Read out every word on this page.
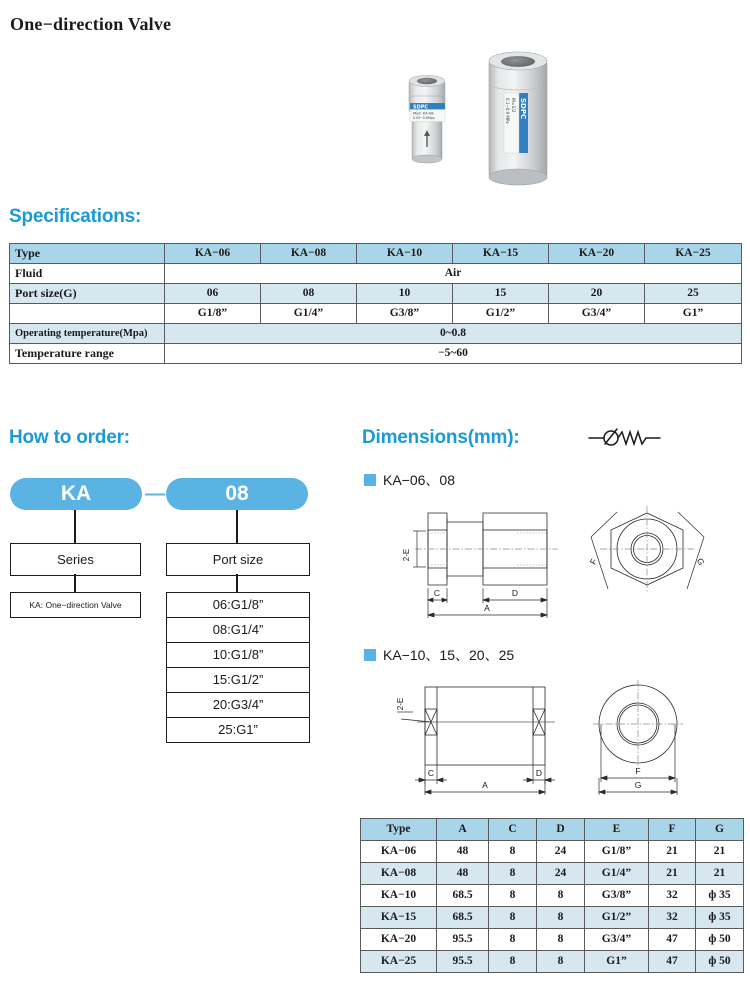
One−direction Valve
SDPC
Mod: KA-08
0.05~0.8Mpa	SDPC
M=1/2
0.1~0.9 MPa
Specifications:
Type	KA−06	KA−08	KA−10	KA−15	KA−20	KA−25
Fluid	Air					
Port size(G)	06	08	10	15	20	25
	G1/8”	G1/4”	G3/8”	G1/2”	G3/4”	G1”
Operating temperature(Mpa)	0~0.8					
Temperature range	−5~60					
How to order:
KA	—	08
Series	Port size
KA: One−direction Valve	06:G1/8”
08:G1/4”
10:G1/8”
15:G1/2”
20:G3/4”
25:G1”
Dimensions(mm):
KA−06、08
2-E
C	D
A
F	G
KA−10、15、20、25
2-E
C	D
A
F
G
Type	A	C	D	E	F	G
KA−06	48	8	24	G1/8”	21	21
KA−08	48	8	24	G1/4”	21	21
KA−10	68.5	8	8	G3/8”	32	ф 35
KA−15	68.5	8	8	G1/2”	32	ф 35
KA−20	95.5	8	8	G3/4”	47	ф 50
KA−25	95.5	8	8	G1”	47	ф 50
